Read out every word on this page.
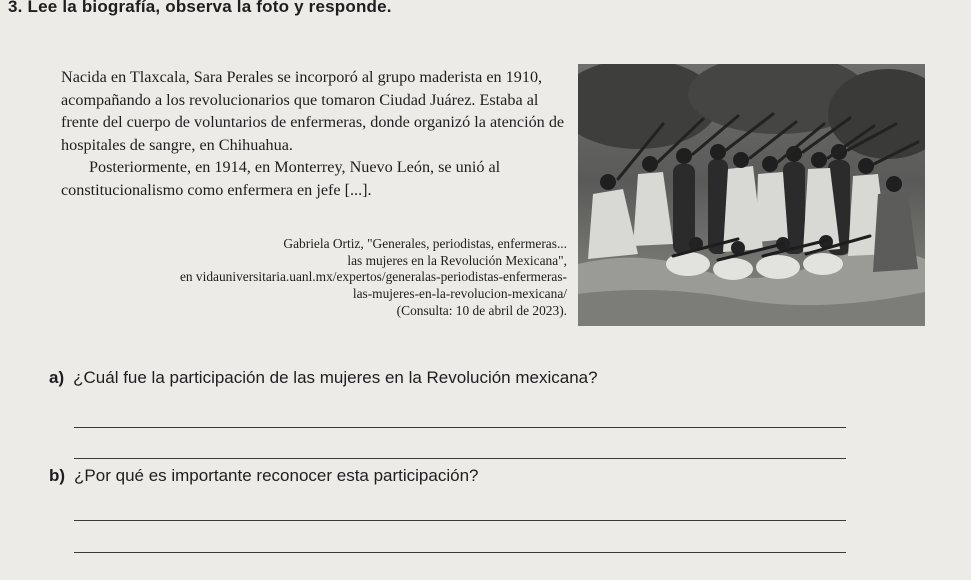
3. Lee la biografía, observa la foto y responde.

Nacida en Tlaxcala, Sara Perales se incorporó al grupo maderista en 1910, acompañando a los revolucionarios que tomaron Ciudad Juárez. Estaba al frente del cuerpo de voluntarios de enfermeras, donde organizó la atención de hospitales de sangre, en Chihuahua.

Posteriormente, en 1914, en Monterrey, Nuevo León, se unió al constitucionalismo como enfermera en jefe [...].

Gabriela Ortiz, "Generales, periodistas, enfermeras...
las mujeres en la Revolución Mexicana",
en vidauniversitaria.uanl.mx/expertos/generalas-periodistas-enfermeras-
las-mujeres-en-la-revolucion-mexicana/
(Consulta: 10 de abril de 2023).
a) ¿Cuál fue la participación de las mujeres en la Revolución mexicana?
b) ¿Por qué es importante reconocer esta participación?
